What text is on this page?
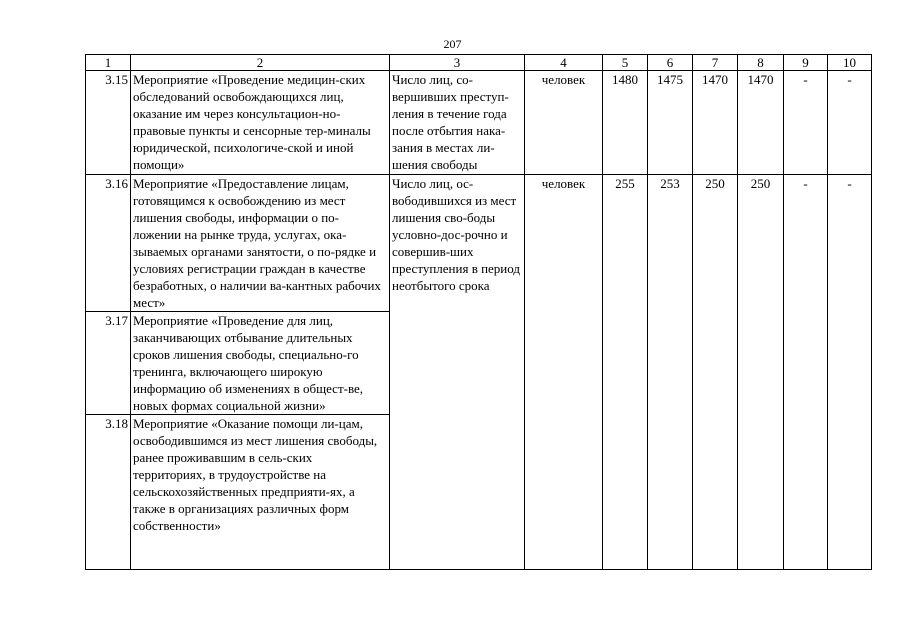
207
1	2	3	4	5	6	7	8	9	10
3.15	Мероприятие «Проведение медицин-ских обследований освобождающихся лиц, оказание им через консультацион-но-правовые пункты и сенсорные тер-миналы юридической, психологиче-ской и иной помощи»	Число лиц, со-вершивших преступ-ления в течение года после отбытия нака-зания в местах ли-шения свободы	человек	1480	1475	1470	1470	-	-
3.16	Мероприятие «Предоставление лицам, готовящимся к освобождению из мест лишения свободы, информации о по-ложении на рынке труда, услугах, ока-зываемых органами занятости, о по-рядке и условиях регистрации граждан в качестве безработных, о наличии ва-кантных рабочих мест»	Число лиц, ос-вободившихся из мест лишения сво-боды условно-дос-рочно и совершив-ших преступления в период неотбытого срока	человек	255	253	250	250	-	-
3.17	Мероприятие «Проведение для лиц, заканчивающих отбывание длительных сроков лишения свободы, специально-го тренинга, включающего широкую информацию об изменениях в общест-ве, новых формах социальной жизни»								
3.18	Мероприятие «Оказание помощи ли-цам, освободившимся из мест лишения свободы, ранее проживавшим в сель-ских территориях, в трудоустройстве на сельскохозяйственных предприяти-ях, а также в организациях различных форм собственности»								
